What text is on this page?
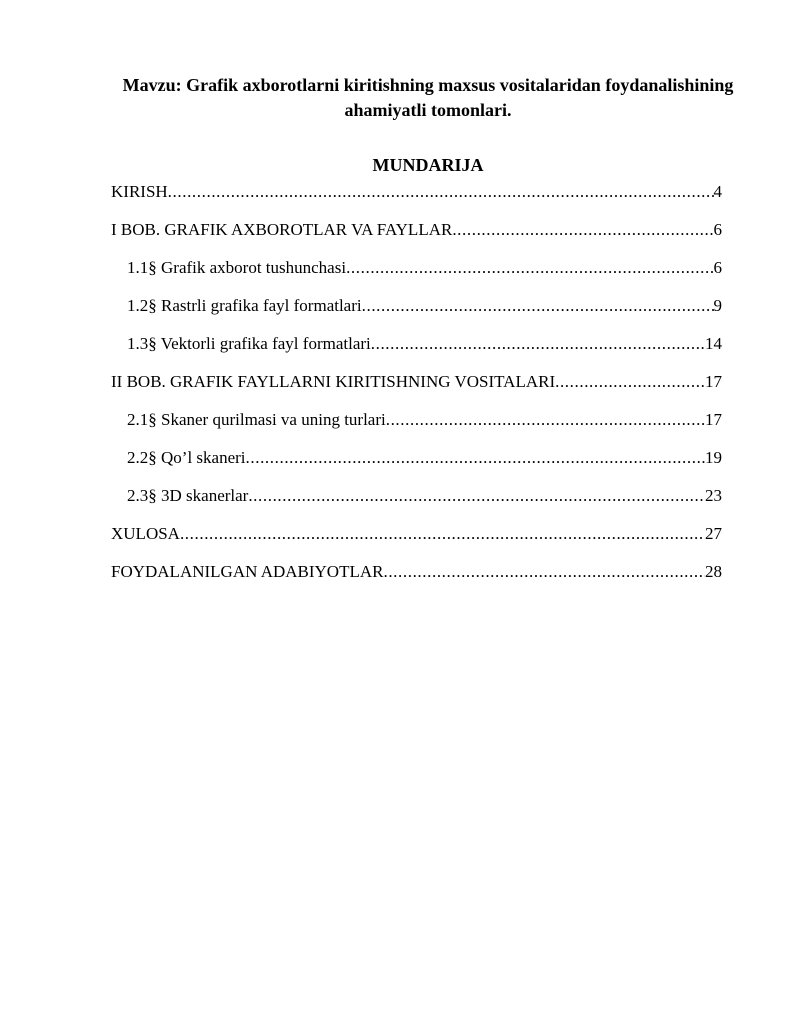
Mavzu: Grafik axborotlarni kiritishning maxsus vositalaridan foydanalishining ahamiyatli tomonlari.
MUNDARIJA
KIRISH .....	4
I BOB. GRAFIK AXBOROTLAR VA FAYLLAR .....	6
1.1§ Grafik axborot tushunchasi .....	6
1.2§ Rastrli grafika fayl formatlari .....	9
1.3§ Vektorli grafika fayl formatlari .....	14
II BOB. GRAFIK FAYLLARNI KIRITISHNING VOSITALARI .....	17
2.1§ Skaner qurilmasi va uning turlari .....	17
2.2§ Qo’l skaneri .....	19
2.3§ 3D skanerlar .....	23
XULOSA .....	27
FOYDALANILGAN ADABIYOTLAR .....	28
